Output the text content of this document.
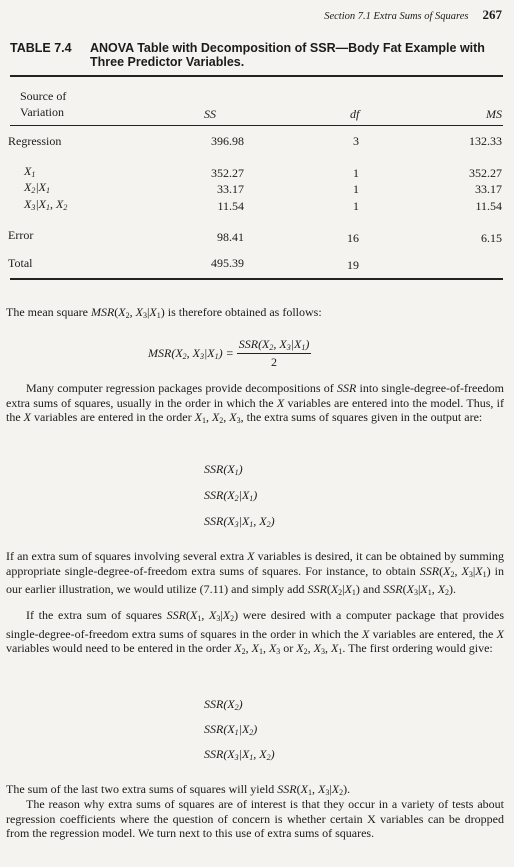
Section 7.1 Extra Sums of Squares 267
TABLE 7.4 ANOVA Table with Decomposition of SSR—Body Fat Example with Three Predictor Variables.
Source of
Variation	SS	df	MS
Regression	396.98	3	132.33
$X_1$	352.27	1	352.27
$X_2|X_1$	33.17	1	33.17
$X_3|X_1$, $X_2$	11.54	1	11.54
Error	98.41	16	6.15
Total	495.39	19

The mean square $MSR(X_2$, $X_3|X_1$) is therefore obtained as follows:

$MSR(X_2$, $X_3|X_1) = \frac{SSR(X_2, X_3|X_1)}{2}$

Many computer regression packages provide decompositions of SSR into single-degree-of-freedom extra sums of squares, usually in the order in which the X variables are entered into the model. Thus, if the X variables are entered in the order $X_1$, $X_2$, $X_3$, the extra sums of squares given in the output are:

$SSR(X_1)$
$SSR(X_2|X_1)$
$SSR(X_3|X_1$, $X_2$)

If an extra sum of squares involving several extra X variables is desired, it can be obtained by summing appropriate single-degree-of-freedom extra sums of squares. For instance, to obtain $SSR(X_2$, $X_3|X_1$) in our earlier illustration, we would utilize (7.11) and simply add $SSR(X_2|X_1)$ and $SSR(X_3|X_1$, $X_2$).

If the extra sum of squares $SSR(X_1$, $X_3|X_2$) were desired with a computer package that provides single-degree-of-freedom extra sums of squares in the order in which the X variables are entered, the X variables would need to be entered in the order $X_2$, $X_1$, $X_3$ or $X_2$, $X_3$, $X_1$. The first ordering would give:

$SSR(X_2)$
$SSR(X_1|X_2)$
$SSR(X_3|X_1$, $X_2$)

The sum of the last two extra sums of squares will yield $SSR(X_1$, $X_3|X_2$).

The reason why extra sums of squares are of interest is that they occur in a variety of tests about regression coefficients where the question of concern is whether certain X variables can be dropped from the regression model. We turn next to this use of extra sums of squares.
